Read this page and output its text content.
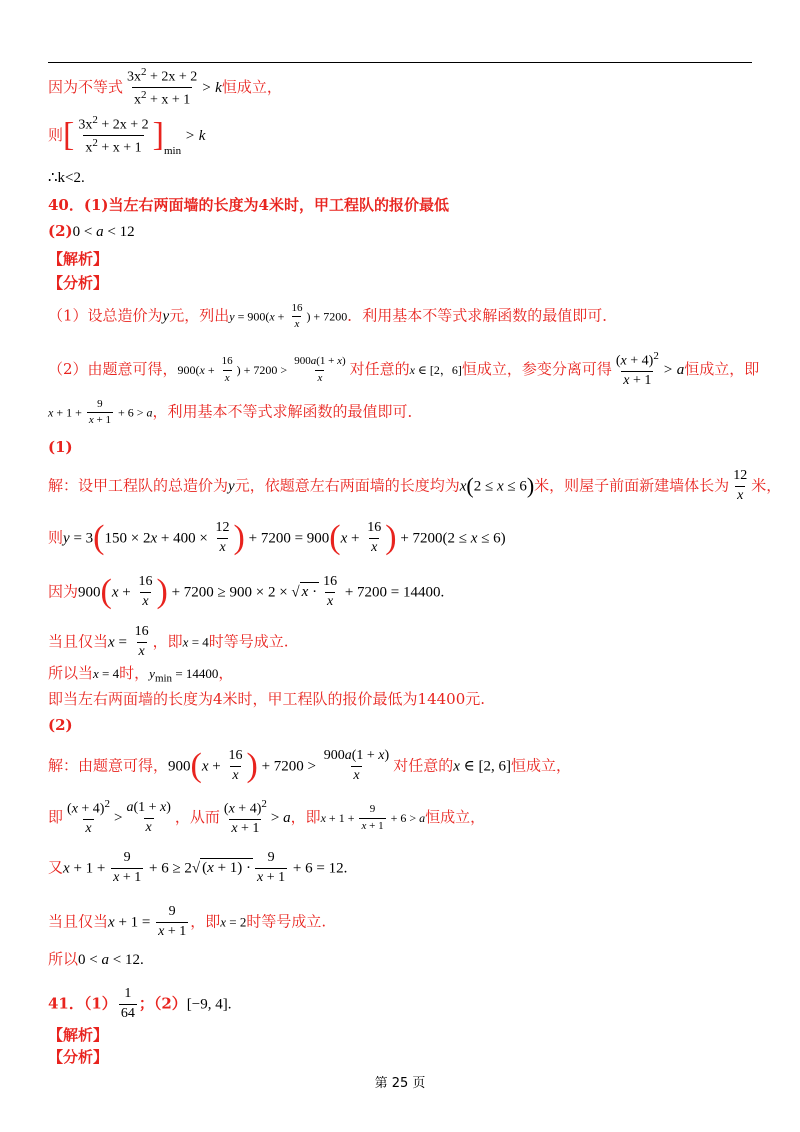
因为不等式 $\frac{3x^2 + 2x + 2}{x^2 + x + 1} > k$恒成立，
则[ $\frac{3x^2 + 2x + 2}{x^2 + x + 1} ]_{min} > k$
∴k<2.
40．(1)当左右两面墙的长度为4米时，甲工程队的报价最低
(2)0 < a < 12
【解析】
【分析】
（1）设总造价为y元，列出$y = 900(x + \frac{16}{x}$ ) + 7200．利用基本不等式求解函数的最值即可．
（2）由题意可得，$900(x + \frac{16}{x}$ ) + $7200 > \frac{900a(1 + x)}{x}$ 对任意的x ∈ [2，6]恒成立，参变分离可得 $\frac{(x + 4)^2}{x + 1} > a$恒成立，即
$x + 1 + \frac{9}{x + 1} + 6 > a$，利用基本不等式求解函数的最值即可．
(1)
解：设甲工程队的总造价为y元，依题意左右两面墙的长度均为x(2 ≤ x ≤ 6)米，则屋子前面新建墙体长为 $\frac{12}{x}$ 米，
则$y = 3(150 \times 2x + 400 \times \frac{12}{x}$ ) + $7200 = 900(x + \frac{16}{x}$ ) + 7200(2 ≤ x ≤ 6)
因为$900(x + \frac{16}{x}$ ) + 7200 ≥ 900 × 2 × √ $x \cdot \frac{16}{x} + 7200 = 14400$.
当且仅当$x = \frac{16}{x}$ ，即x = 4时等号成立.
所以当x = 4时，$y_{min} = 14400$，
即当左右两面墙的长度为4米时，甲工程队的报价最低为14400元.
(2)
解：由题意可得，$900(x + \frac{16}{x}$ ) + $7200 > \frac{900a(1 + x)}{x}$ 对任意的x ∈ [2, 6]恒成立，
即 $\frac{(x + 4)^2}{x} > \frac{a(1 + x)}{x}$ ，从而 $\frac{(x + 4)^2}{x + 1} > a$，即$x + 1 + \frac{9}{x + 1} + 6 > a$恒成立，
又$x + 1 + \frac{9}{x + 1} + 6 \ge 2√$ $(x + 1) \cdot \frac{9}{x + 1} + 6 = 12$.
当且仅当$x + 1 = \frac{9}{x + 1}$ ，即x = 2时等号成立.
所以0 < a < 12.
41．$(1) \frac{1}{64}$ ；（2）[−9, 4].
【解析】
【分析】
第 25 页
